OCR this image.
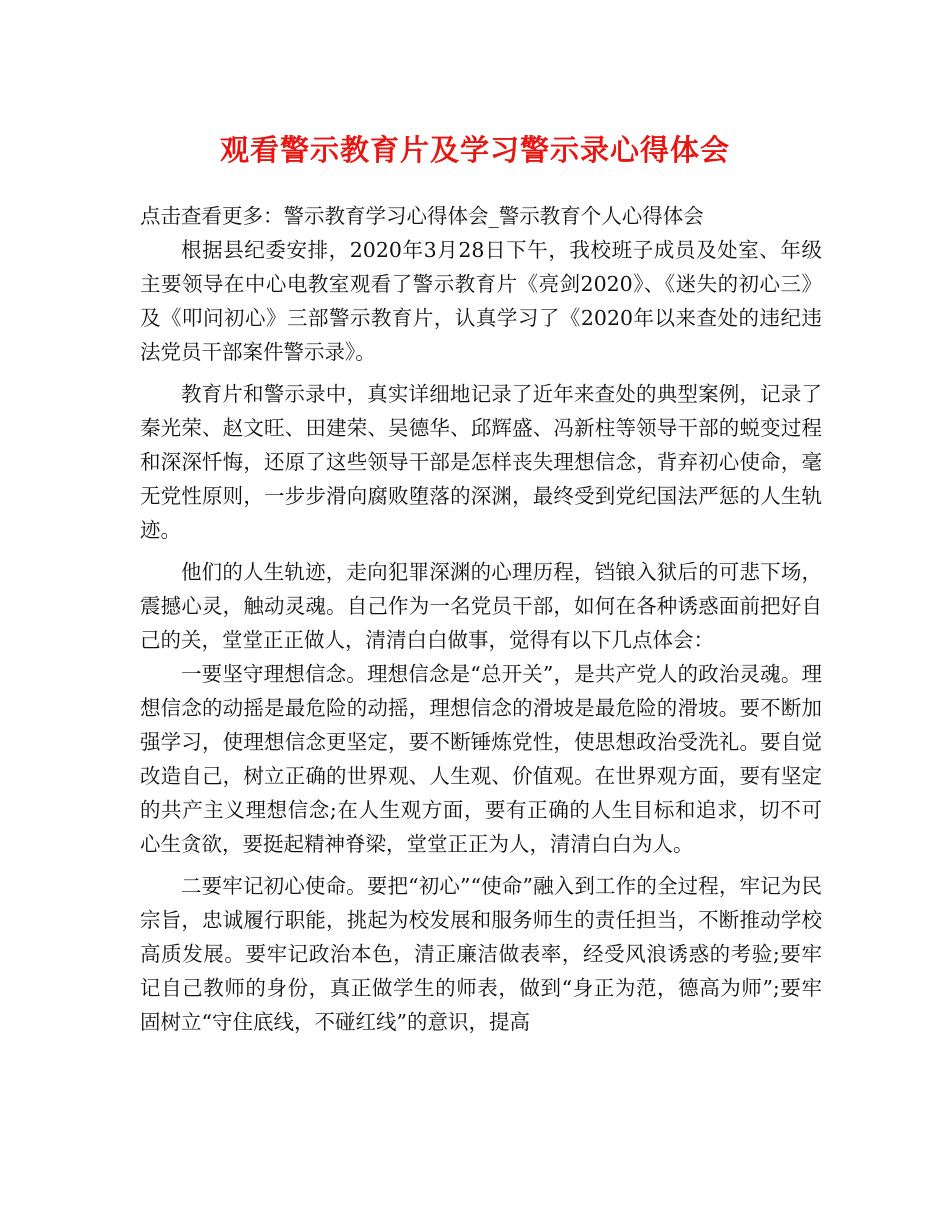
观看警示教育片及学习警示录心得体会

点击查看更多：警示教育学习心得体会_警示教育个人心得体会

根据县纪委安排，2020年3月28日下午，我校班子成员及处室、年级主要领导在中心电教室观看了警示教育片《亮剑2020》、《迷失的初心三》及《叩问初心》三部警示教育片，认真学习了《2020年以来查处的违纪违法党员干部案件警示录》。

教育片和警示录中，真实详细地记录了近年来查处的典型案例，记录了秦光荣、赵文旺、田建荣、吴德华、邱辉盛、冯新柱等领导干部的蜕变过程和深深忏悔，还原了这些领导干部是怎样丧失理想信念，背弃初心使命，毫无党性原则，一步步滑向腐败堕落的深渊，最终受到党纪国法严惩的人生轨迹。

他们的人生轨迹，走向犯罪深渊的心理历程，铛锒入狱后的可悲下场，震撼心灵，触动灵魂。自己作为一名党员干部，如何在各种诱惑面前把好自己的关，堂堂正正做人，清清白白做事，觉得有以下几点体会：

一要坚守理想信念。理想信念是“总开关”，是共产党人的政治灵魂。理想信念的动摇是最危险的动摇，理想信念的滑坡是最危险的滑坡。要不断加强学习，使理想信念更坚定，要不断锤炼党性，使思想政治受洗礼。要自觉改造自己，树立正确的世界观、人生观、价值观。在世界观方面，要有坚定的共产主义理想信念;在人生观方面，要有正确的人生目标和追求，切不可心生贪欲，要挺起精神脊梁，堂堂正正为人，清清白白为人。

二要牢记初心使命。要把“初心”“使命”融入到工作的全过程，牢记为民宗旨，忠诚履行职能，挑起为校发展和服务师生的责任担当，不断推动学校高质发展。要牢记政治本色，清正廉洁做表率，经受风浪诱惑的考验;要牢记自己教师的身份，真正做学生的师表，做到“身正为范，德高为师”;要牢固树立“守住底线，不碰红线”的意识，提高
